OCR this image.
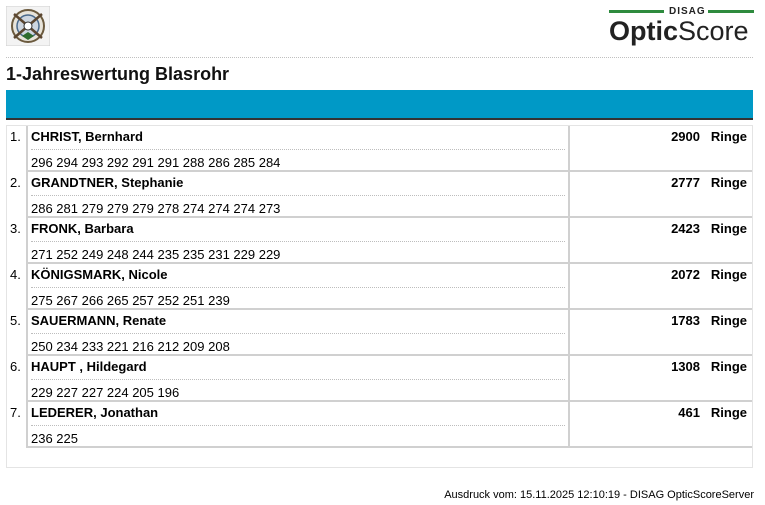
DISAG
OpticScore
1-Jahreswertung Blasrohr
1. CHRIST, Bernhard
296 294 293 292 291 291 288 286 285 284
2900 Ringe
2. GRANDTNER, Stephanie
286 281 279 279 279 278 274 274 274 273
2777 Ringe
3. FRONK, Barbara
271 252 249 248 244 235 235 231 229 229
2423 Ringe
4. KÖNIGSMARK, Nicole
275 267 266 265 257 252 251 239
2072 Ringe
5. SAUERMANN, Renate
250 234 233 221 216 212 209 208
1783 Ringe
6. HAUPT , Hildegard
229 227 227 224 205 196
1308 Ringe
7. LEDERER, Jonathan
236 225
461 Ringe
Ausdruck vom: 15.11.2025 12:10:19 - DISAG OpticScoreServer
